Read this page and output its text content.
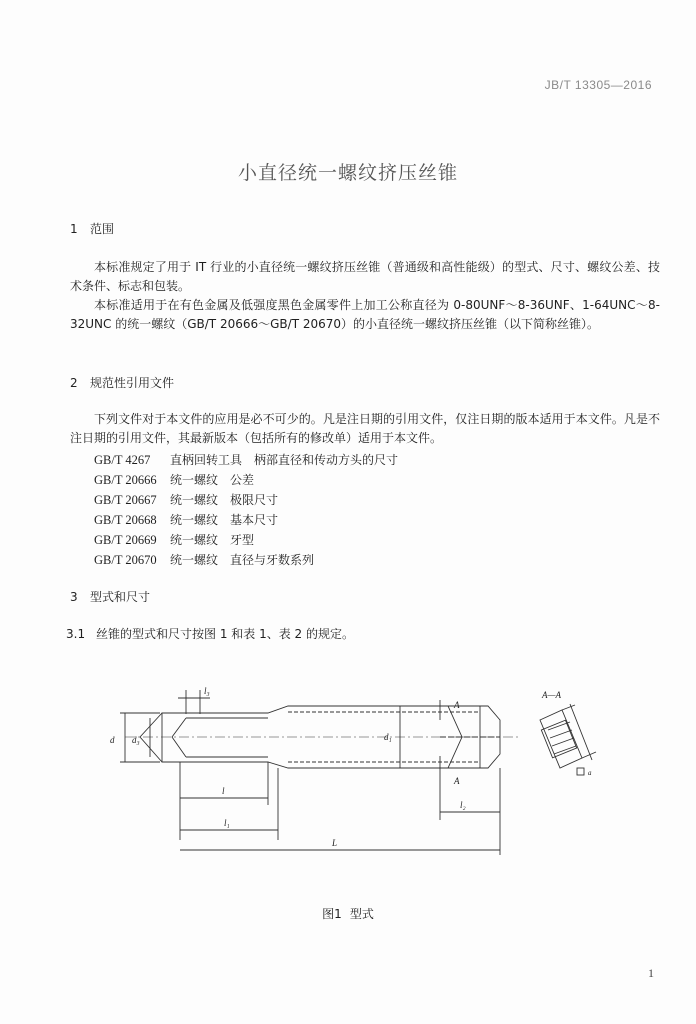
JB/T 13305—2016
小直径统一螺纹挤压丝锥
1 范围

本标准规定了用于 IT 行业的小直径统一螺纹挤压丝锥（普通级和高性能级）的型式、尺寸、螺纹公差、技术条件、标志和包装。

本标准适用于在有色金属及低强度黑色金属零件上加工公称直径为 0-80UNF～8-36UNF、1-64UNC～8-32UNC 的统一螺纹（GB/T 20666～GB/T 20670）的小直径统一螺纹挤压丝锥（以下简称丝锥）。

2 规范性引用文件

下列文件对于本文件的应用是必不可少的。凡是注日期的引用文件，仅注日期的版本适用于本文件。凡是不注日期的引用文件，其最新版本（包括所有的修改单）适用于本文件。

GB/T 4267 直柄回转工具　柄部直径和传动方头的尺寸
GB/T 20666 统一螺纹　公差
GB/T 20667 统一螺纹　极限尺寸
GB/T 20668 统一螺纹　基本尺寸
GB/T 20669 统一螺纹　牙型
GB/T 20670 统一螺纹　直径与牙数系列
3 型式和尺寸
3.1 丝锥的型式和尺寸按图 1 和表 1、表 2 的规定。
l₃
d d₃	d₁
l
l₁
L
l₂
A
A
A—A
a
图1 型式
1
